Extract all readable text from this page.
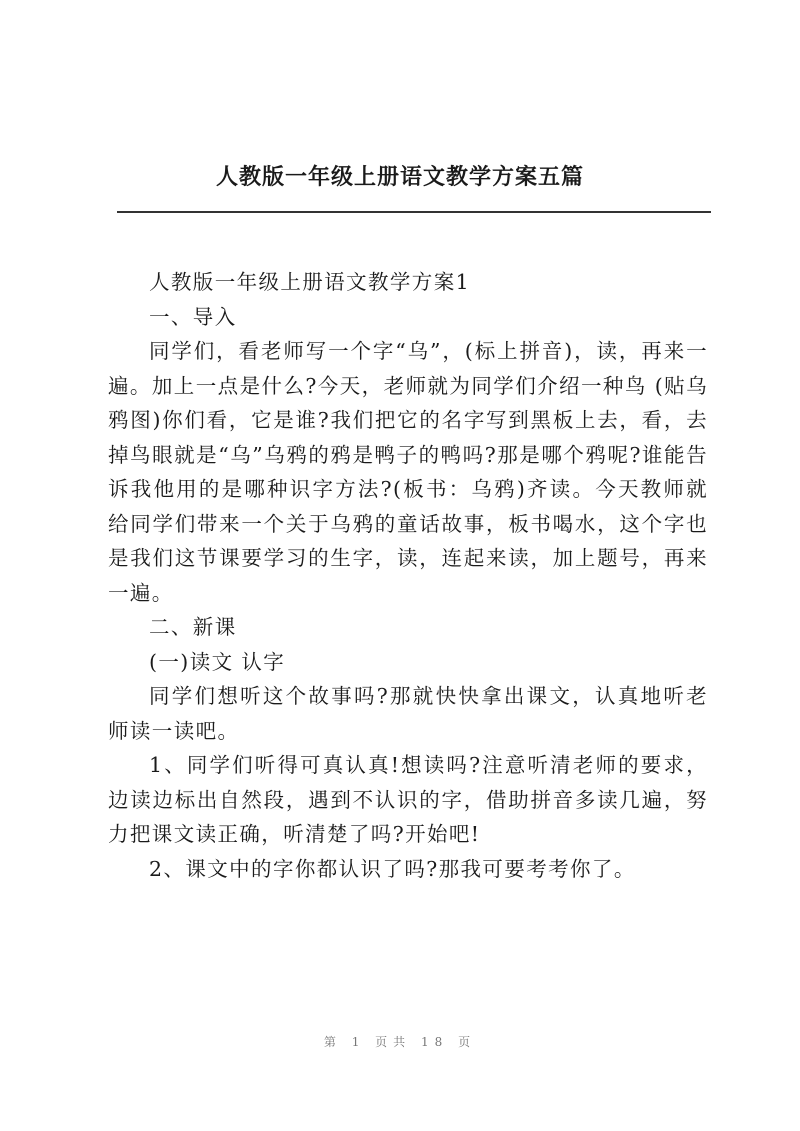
人教版一年级上册语文教学方案五篇

人教版一年级上册语文教学方案1

一、导入

同学们，看老师写一个字“乌”，(标上拼音)，读，再来一遍。加上一点是什么?今天，老师就为同学们介绍一种鸟 (贴乌鸦图)你们看，它是谁?我们把它的名字写到黑板上去，看，去掉鸟眼就是“乌”乌鸦的鸦是鸭子的鸭吗?那是哪个鸦呢?谁能告诉我他用的是哪种识字方法?(板书：乌鸦)齐读。今天教师就给同学们带来一个关于乌鸦的童话故事，板书喝水，这个字也是我们这节课要学习的生字，读，连起来读，加上题号，再来一遍。

二、新课

(一)读文 认字

同学们想听这个故事吗?那就快快拿出课文，认真地听老师读一读吧。

1、同学们听得可真认真!想读吗?注意听清老师的要求，边读边标出自然段，遇到不认识的字，借助拼音多读几遍，努力把课文读正确，听清楚了吗?开始吧!

2、课文中的字你都认识了吗?那我可要考考你了。

第 1 页共 18 页
